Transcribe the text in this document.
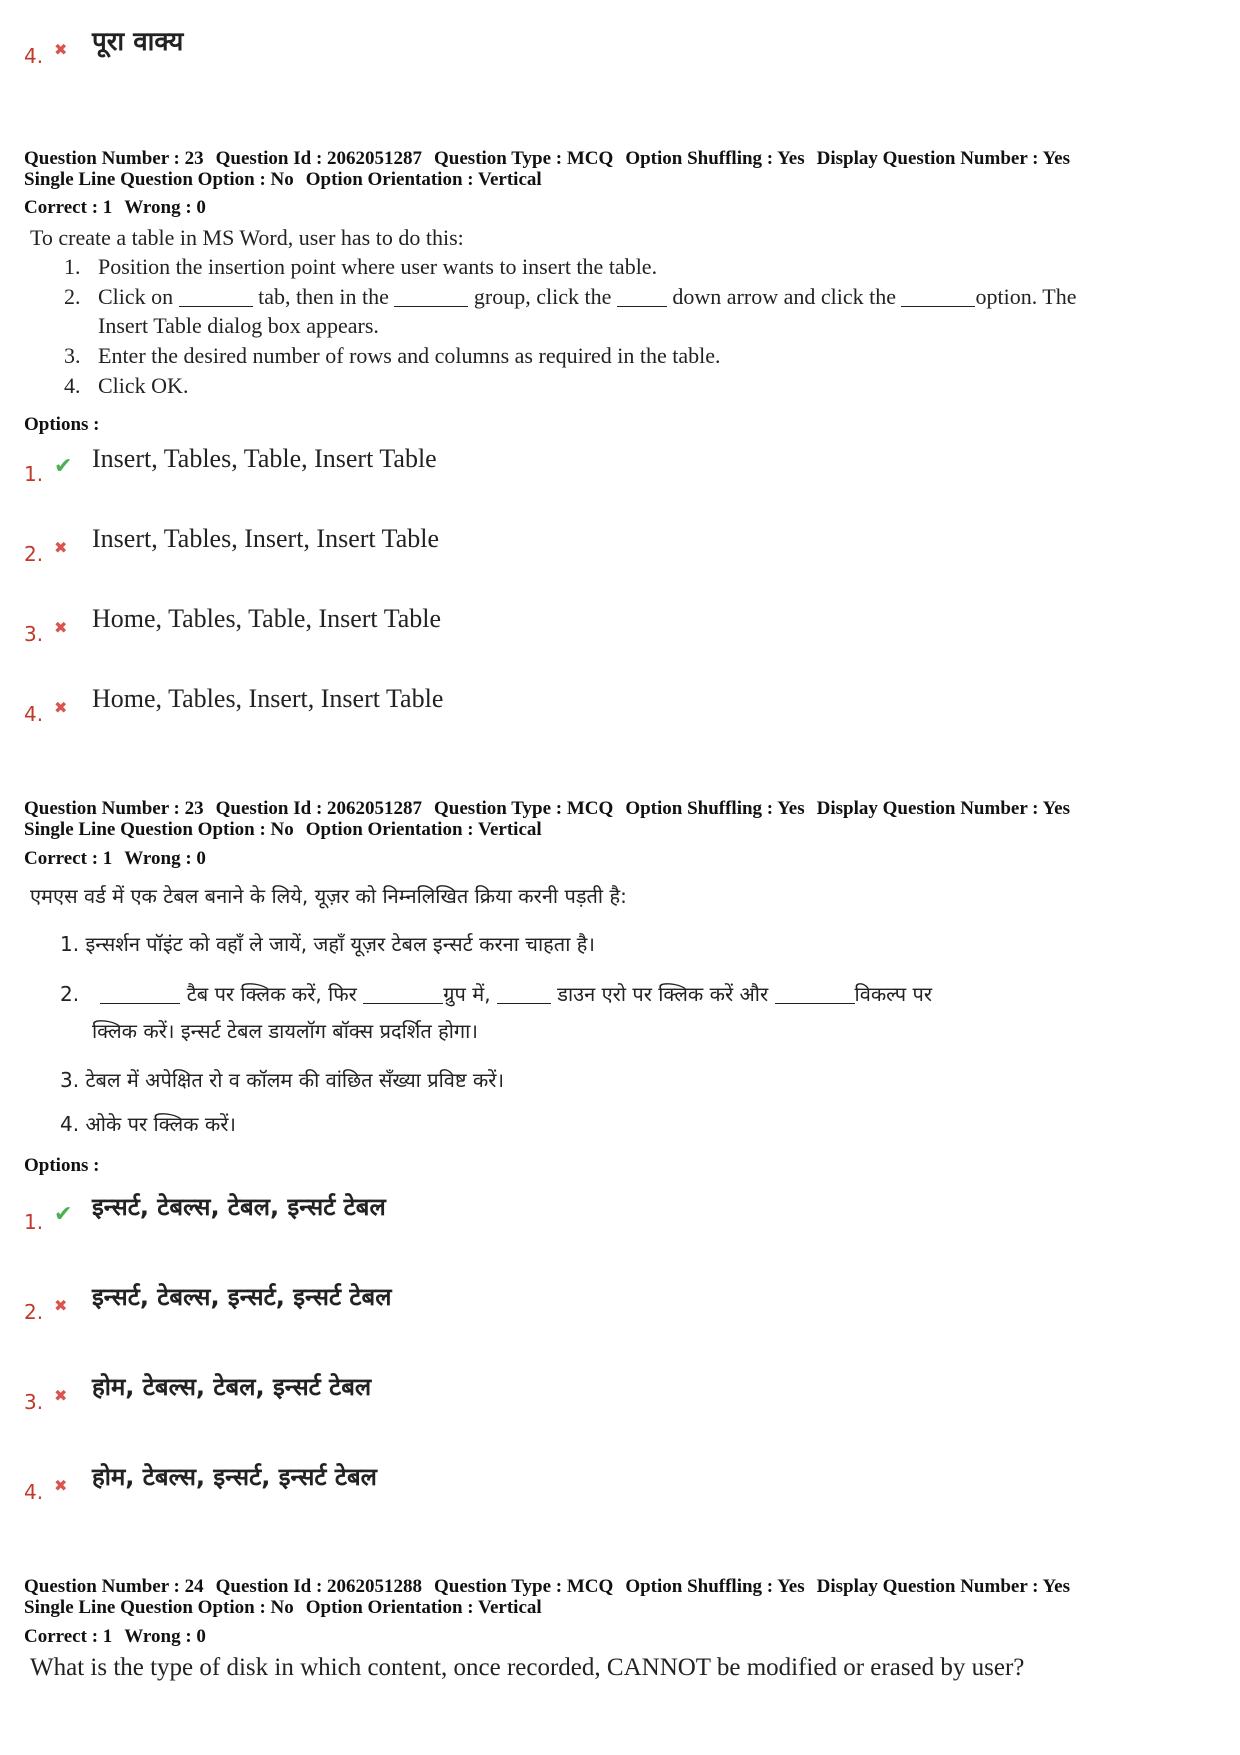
4. ✖ पूरा वाक्य
Question Number : 23 Question Id : 2062051287 Question Type : MCQ Option Shuffling : Yes Display Question Number : Yes
Single Line Question Option : No Option Orientation : Vertical
Correct : 1 Wrong : 0
To create a table in MS Word, user has to do this:
1. Position the insertion point where user wants to insert the table.
2. Click on	tab, then in the	group, click the	down arrow and click the	option. The
Insert Table dialog box appears.
3. Enter the desired number of rows and columns as required in the table.
4. Click OK.
Options :
1. ✔ Insert, Tables, Table, Insert Table
2. ✖ Insert, Tables, Insert, Insert Table
3. ✖ Home, Tables, Table, Insert Table
4. ✖ Home, Tables, Insert, Insert Table
Question Number : 23 Question Id : 2062051287 Question Type : MCQ Option Shuffling : Yes Display Question Number : Yes
Single Line Question Option : No Option Orientation : Vertical
Correct : 1 Wrong : 0
एमएस वर्ड में एक टेबल बनाने के लिये, यूज़र को निम्नलिखित क्रिया करनी पड़ती है:
1. इन्सर्शन पॉइंट को वहाँ ले जायें, जहाँ यूज़र टेबल इन्सर्ट करना चाहता है।
2.	टैब पर क्लिक करें, फिर	ग्रुप में,	डाउन एरो पर क्लिक करें और	विकल्प पर
क्लिक करें। इन्सर्ट टेबल डायलॉग बॉक्स प्रदर्शित होगा।
3. टेबल में अपेक्षित रो व कॉलम की वांछित सँख्या प्रविष्ट करें।
4. ओके पर क्लिक करें।
Options :
1. ✔ इन्सर्ट, टेबल्स, टेबल, इन्सर्ट टेबल
2. ✖ इन्सर्ट, टेबल्स, इन्सर्ट, इन्सर्ट टेबल
3. ✖ होम, टेबल्स, टेबल, इन्सर्ट टेबल
4. ✖ होम, टेबल्स, इन्सर्ट, इन्सर्ट टेबल
Question Number : 24 Question Id : 2062051288 Question Type : MCQ Option Shuffling : Yes Display Question Number : Yes
Single Line Question Option : No Option Orientation : Vertical
Correct : 1 Wrong : 0
What is the type of disk in which content, once recorded, CANNOT be modified or erased by user?
